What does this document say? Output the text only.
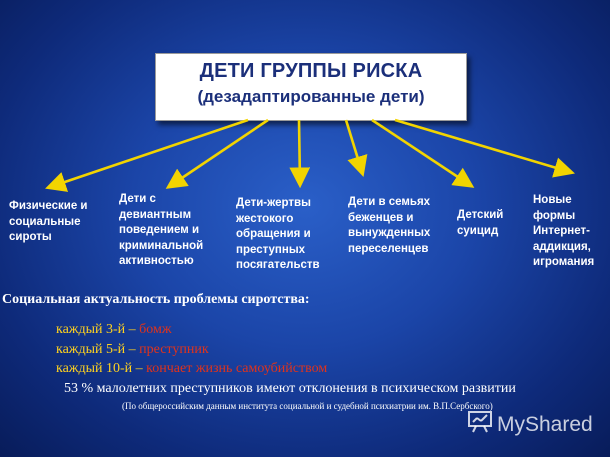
ДЕТИ ГРУППЫ РИСКА
(дезадаптированные дети)
Физические и
социальные
сироты
Дети с
девиантным
поведением и
криминальной
активностью
Дети-жертвы
жестокого
обращения и
преступных
посягательств
Дети в семьях
беженцев и
вынужденных
переселенцев
Детский
суицид
Новые
формы
Интернет-
аддикция,
игромания
Социальная актуальность проблемы сиротства:
каждый 3-й – бомж
каждый 5-й – преступник
каждый 10-й – кончает жизнь самоубийством
53 % малолетних преступников имеют отклонения в психическом развитии
(По общероссийским данным института социальной и судебной психиатрии им. В.П.Сербского)
MyShared
